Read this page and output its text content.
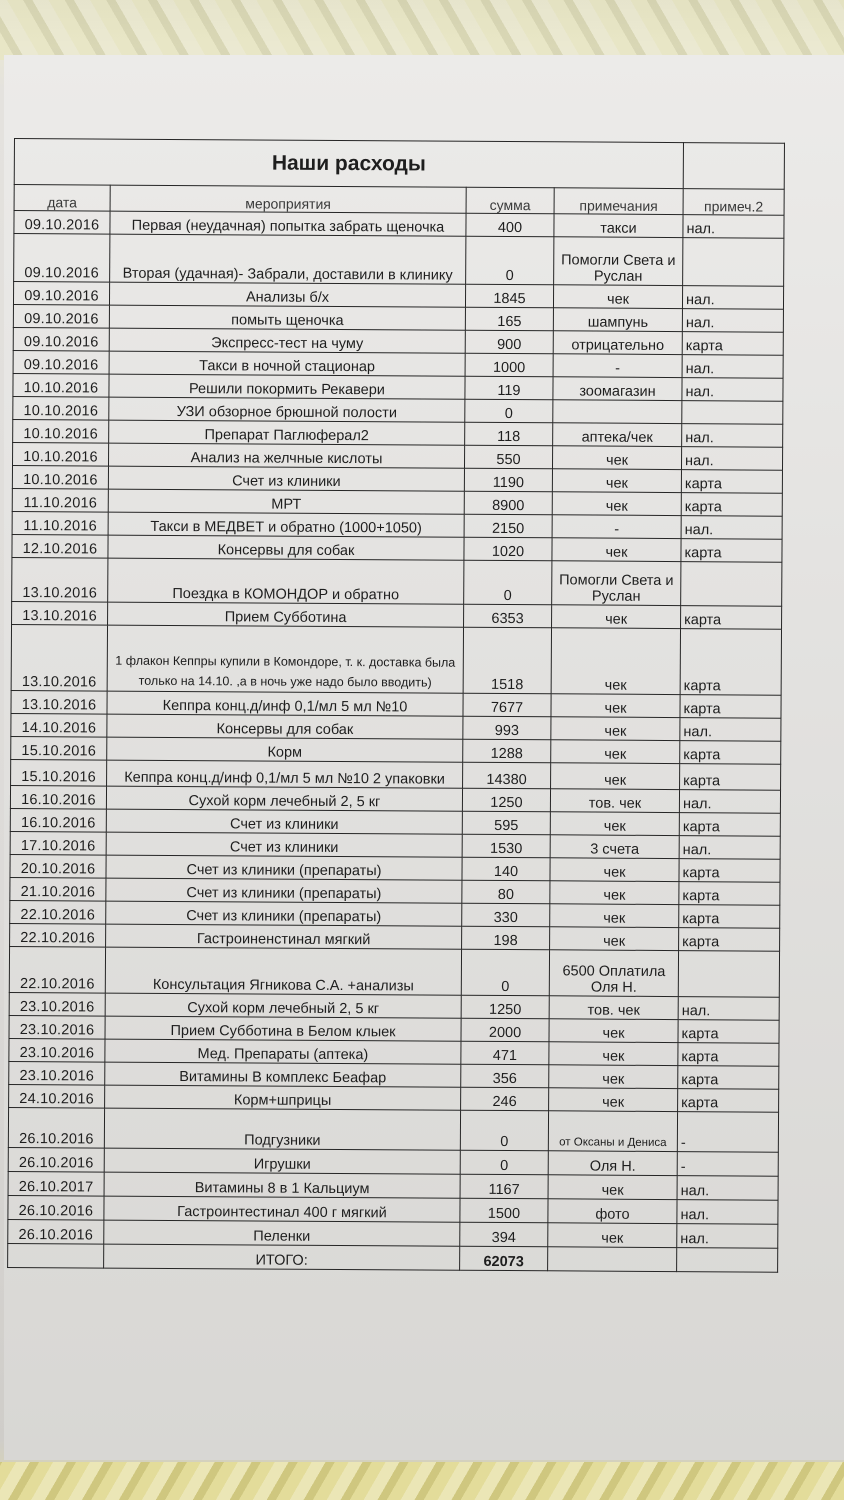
Наши расходы				
дата	мероприятия	сумма	примечания	примеч.2
09.10.2016	Первая (неудачная) попытка забрать щеночка	400	такси	нал.
09.10.2016	Вторая (удачная)- Забрали, доставили в клинику	0	Помогли Света и Руслан	
09.10.2016	Анализы б/х	1845	чек	нал.
09.10.2016	помыть щеночка	165	шампунь	нал.
09.10.2016	Экспресс-тест на чуму	900	отрицательно	карта
09.10.2016	Такси в ночной стационар	1000	-	нал.
10.10.2016	Решили покормить Рекавери	119	зоомагазин	нал.
10.10.2016	УЗИ обзорное брюшной полости	0		
10.10.2016	Препарат Паглюферал2	118	аптека/чек	нал.
10.10.2016	Анализ на желчные кислоты	550	чек	нал.
10.10.2016	Счет из клиники	1190	чек	карта
11.10.2016	МРТ	8900	чек	карта
11.10.2016	Такси в МЕДВЕТ и обратно (1000+1050)	2150	-	нал.
12.10.2016	Консервы для собак	1020	чек	карта
13.10.2016	Поездка в КОМОНДОР и обратно	0	Помогли Света и Руслан	
13.10.2016	Прием Субботина	6353	чек	карта
13.10.2016	1 флакон Кеппры купили в Комондоре, т. к. доставка была только на 14.10. ,а в ночь уже надо было вводить)	1518	чек	карта
13.10.2016	Кеппра конц.д/инф 0,1/мл 5 мл №10	7677	чек	карта
14.10.2016	Консервы для собак	993	чек	нал.
15.10.2016	Корм	1288	чек	карта
15.10.2016	Кеппра конц.д/инф 0,1/мл 5 мл №10 2 упаковки	14380	чек	карта
16.10.2016	Сухой корм лечебный 2, 5 кг	1250	тов. чек	нал.
16.10.2016	Счет из клиники	595	чек	карта
17.10.2016	Счет из клиники	1530	3 счета	нал.
20.10.2016	Счет из клиники (препараты)	140	чек	карта
21.10.2016	Счет из клиники (препараты)	80	чек	карта
22.10.2016	Счет из клиники (препараты)	330	чек	карта
22.10.2016	Гастроиненстинал мягкий	198	чек	карта
22.10.2016	Консультация Ягникова С.А. +анализы	0	6500 Оплатила Оля Н.	
23.10.2016	Сухой корм лечебный 2, 5 кг	1250	тов. чек	нал.
23.10.2016	Прием Субботина в Белом клыек	2000	чек	карта
23.10.2016	Мед. Препараты (аптека)	471	чек	карта
23.10.2016	Витамины В комплекс Беафар	356	чек	карта
24.10.2016	Корм+шприцы	246	чек	карта
26.10.2016	Подгузники	0	от Оксаны и Дениса	-
26.10.2016	Игрушки	0	Оля Н.	-
26.10.2017	Витамины 8 в 1 Кальциум	1167	чек	нал.
26.10.2016	Гастроинтестинал 400 г мягкий	1500	фото	нал.
26.10.2016	Пеленки	394	чек	нал.
	ИТОГО:	62073		
